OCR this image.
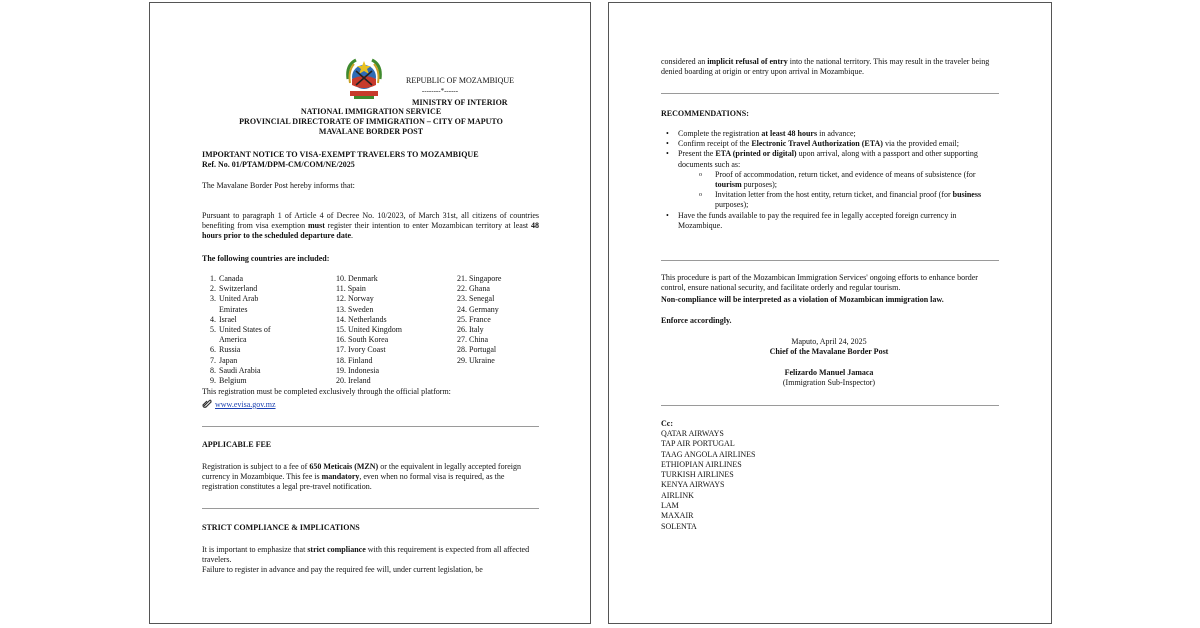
REPUBLIC OF MOZAMBIQUE
--------*------
MINISTRY OF INTERIOR
NATIONAL IMMIGRATION SERVICE
PROVINCIAL DIRECTORATE OF IMMIGRATION – CITY OF MAPUTO
MAVALANE BORDER POST
IMPORTANT NOTICE TO VISA-EXEMPT TRAVELERS TO MOZAMBIQUE
Ref. No. 01/PTAM/DPM-CM/COM/NE/2025
The Mavalane Border Post hereby informs that:
Pursuant to paragraph 1 of Article 4 of Decree No. 10/2023, of March 31st, all citizens of countries benefiting from visa exemption must register their intention to enter Mozambican territory at least 48 hours prior to the scheduled departure date.
The following countries are included:
1. Canada
2. Switzerland
3. United Arab
Emirates
4. Israel
5. United States of
America
6. Russia
7. Japan
8. Saudi Arabia
9. Belgium
10. Denmark
11. Spain
12. Norway
13. Sweden
14. Netherlands
15. United Kingdom
16. South Korea
17. Ivory Coast
18. Finland
19. Indonesia
20. Ireland
21. Singapore
22. Ghana
23. Senegal
24. Germany
25. France
26. Italy
27. China
28. Portugal
29. Ukraine
This registration must be completed exclusively through the official platform:
www.evisa.gov.mz
APPLICABLE FEE
Registration is subject to a fee of 650 Meticais (MZN) or the equivalent in legally accepted foreign currency in Mozambique. This fee is mandatory, even when no formal visa is required, as the registration constitutes a legal pre-travel notification.
STRICT COMPLIANCE & IMPLICATIONS
It is important to emphasize that strict compliance with this requirement is expected from all affected travelers.
Failure to register in advance and pay the required fee will, under current legislation, be
considered an implicit refusal of entry into the national territory. This may result in the traveler being denied boarding at origin or entry upon arrival in Mozambique.
RECOMMENDATIONS:
• Complete the registration at least 48 hours in advance;
• Confirm receipt of the Electronic Travel Authorization (ETA) via the provided email;
• Present the ETA (printed or digital) upon arrival, along with a passport and other supporting documents such as:
o Proof of accommodation, return ticket, and evidence of means of subsistence (for tourism purposes);
o Invitation letter from the host entity, return ticket, and financial proof (for business purposes);
• Have the funds available to pay the required fee in legally accepted foreign currency in Mozambique.
This procedure is part of the Mozambican Immigration Services' ongoing efforts to enhance border control, ensure national security, and facilitate orderly and regular tourism.
Non-compliance will be interpreted as a violation of Mozambican immigration law.
Enforce accordingly.
Maputo, April 24, 2025
Chief of the Mavalane Border Post
Felizardo Manuel Jamaca
(Immigration Sub-Inspector)
Cc:
QATAR AIRWAYS
TAP AIR PORTUGAL
TAAG ANGOLA AIRLINES
ETHIOPIAN AIRLINES
TURKISH AIRLINES
KENYA AIRWAYS
AIRLINK
LAM
MAXAIR
SOLENTA
